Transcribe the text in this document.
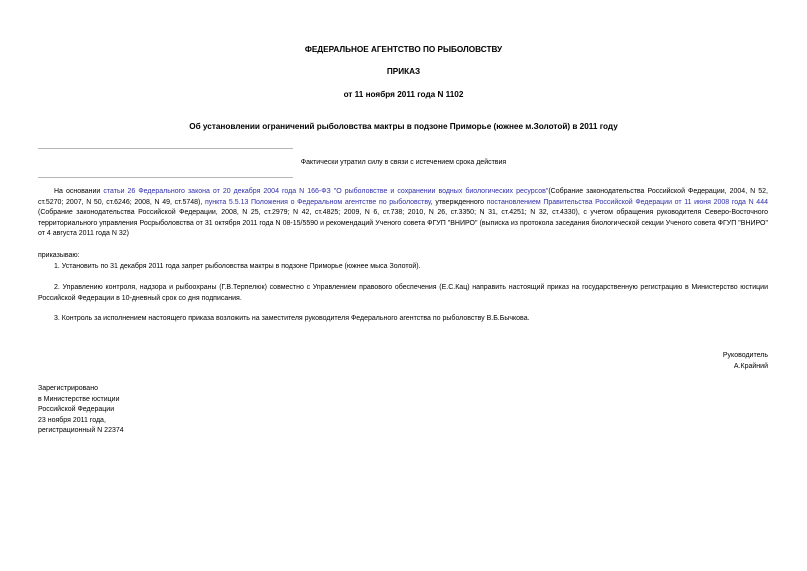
ФЕДЕРАЛЬНОЕ АГЕНТСТВО ПО РЫБОЛОВСТВУ
ПРИКАЗ
от 11 ноября 2011 года N 1102
Об установлении ограничений рыболовства мактры в подзоне Приморье (южнее м.Золотой) в 2011 году
Фактически утратил силу в связи с истечением срока действия
На основании статьи 26 Федерального закона от 20 декабря 2004 года N 166-ФЗ "О рыболовстве и сохранении водных биологических ресурсов"(Собрание законодательства Российской Федерации, 2004, N 52, ст.5270; 2007, N 50, ст.6246; 2008, N 49, ст.5748), пункта 5.5.13 Положения о Федеральном агентстве по рыболовству, утвержденного постановлением Правительства Российской Федерации от 11 июня 2008 года N 444 (Собрание законодательства Российской Федерации, 2008, N 25, ст.2979; N 42, ст.4825; 2009, N 6, ст.738; 2010, N 26, ст.3350; N 31, ст.4251; N 32, ст.4330), с учетом обращения руководителя Северо-Восточного территориального управления Росрыболовства от 31 октября 2011 года N 08-15/5590 и рекомендаций Ученого совета ФГУП "ВНИРО" (выписка из протокола заседания биологической секции Ученого совета ФГУП "ВНИРО" от 4 августа 2011 года N 32)
приказываю:
1. Установить по 31 декабря 2011 года запрет рыболовства мактры в подзоне Приморье (южнее мыса Золотой).
2. Управлению контроля, надзора и рыбоохраны (Г.В.Терпелюк) совместно с Управлением правового обеспечения (Е.С.Кац) направить настоящий приказ на государственную регистрацию в Министерство юстиции Российской Федерации в 10-дневный срок со дня подписания.
3. Контроль за исполнением настоящего приказа возложить на заместителя руководителя Федерального агентства по рыболовству В.Б.Бычкова.
Руководитель
А.Крайний
Зарегистрировано
в Министерстве юстиции
Российской Федерации
23 ноября 2011 года,
регистрационный N 22374
